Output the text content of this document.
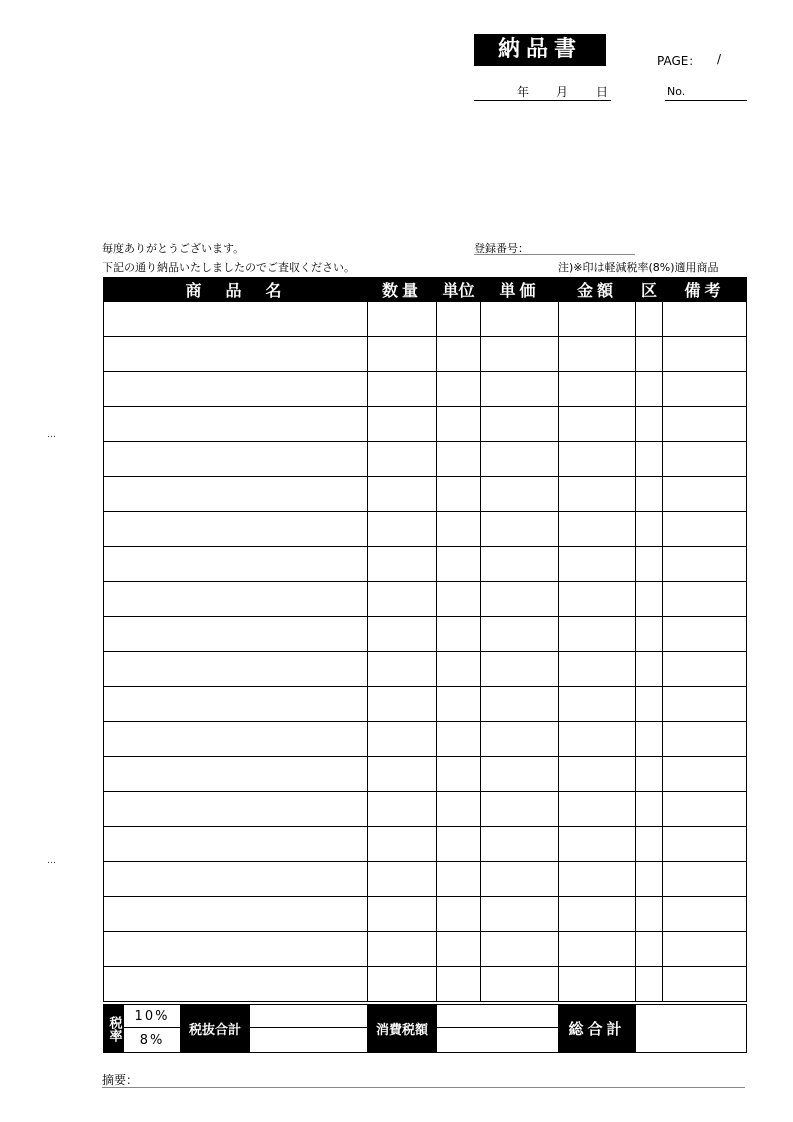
納品書	PAGE： /
年 月 日	No.
…
…
毎度ありがとうございます。
下記の通り納品いたしましたのでご査収ください。
登録番号：
注)※印は軽減税率(8%)適用商品
商　品　名	数量	単位	単価	金額	区	備考

税率	10%	税抜合計		消費税額		総合計	
	8%						
摘要：
